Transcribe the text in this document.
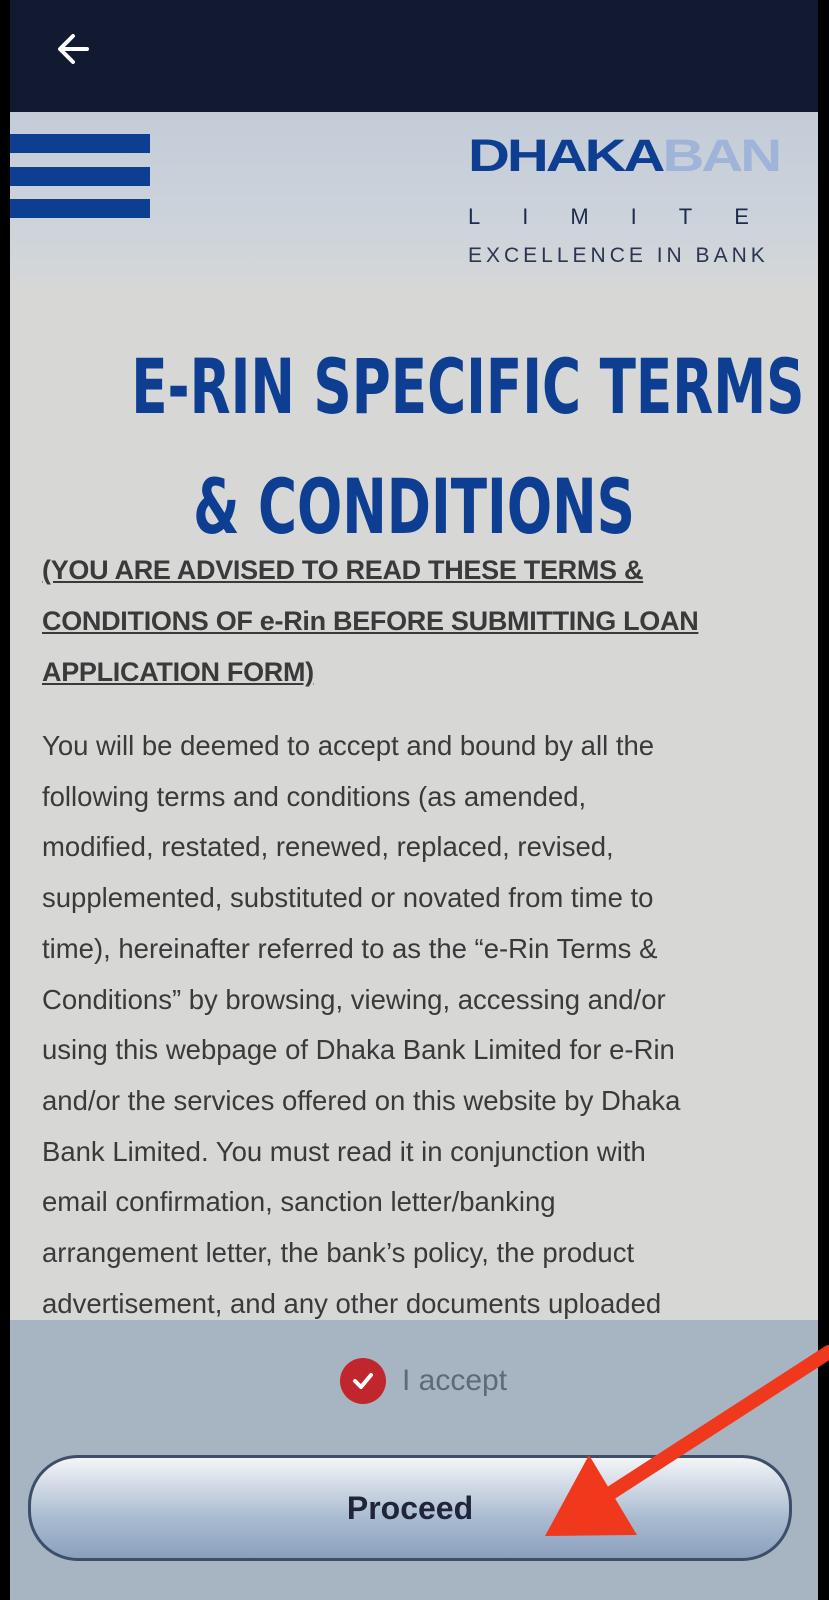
DHAKABAN
LIMITE
EXCELLENCE IN BANK
E-RIN SPECIFIC TERMS
& CONDITIONS
(YOU ARE ADVISED TO READ THESE TERMS &
CONDITIONS OF e-Rin BEFORE SUBMITTING LOAN
APPLICATION FORM)
You will be deemed to accept and bound by all the
following terms and conditions (as amended,
modified, restated, renewed, replaced, revised,
supplemented, substituted or novated from time to
time), hereinafter referred to as the “e-Rin Terms &
Conditions” by browsing, viewing, accessing and/or
using this webpage of Dhaka Bank Limited for e-Rin
and/or the services offered on this website by Dhaka
Bank Limited. You must read it in conjunction with
email confirmation, sanction letter/banking
arrangement letter, the bank’s policy, the product
advertisement, and any other documents uploaded
I accept
Proceed
